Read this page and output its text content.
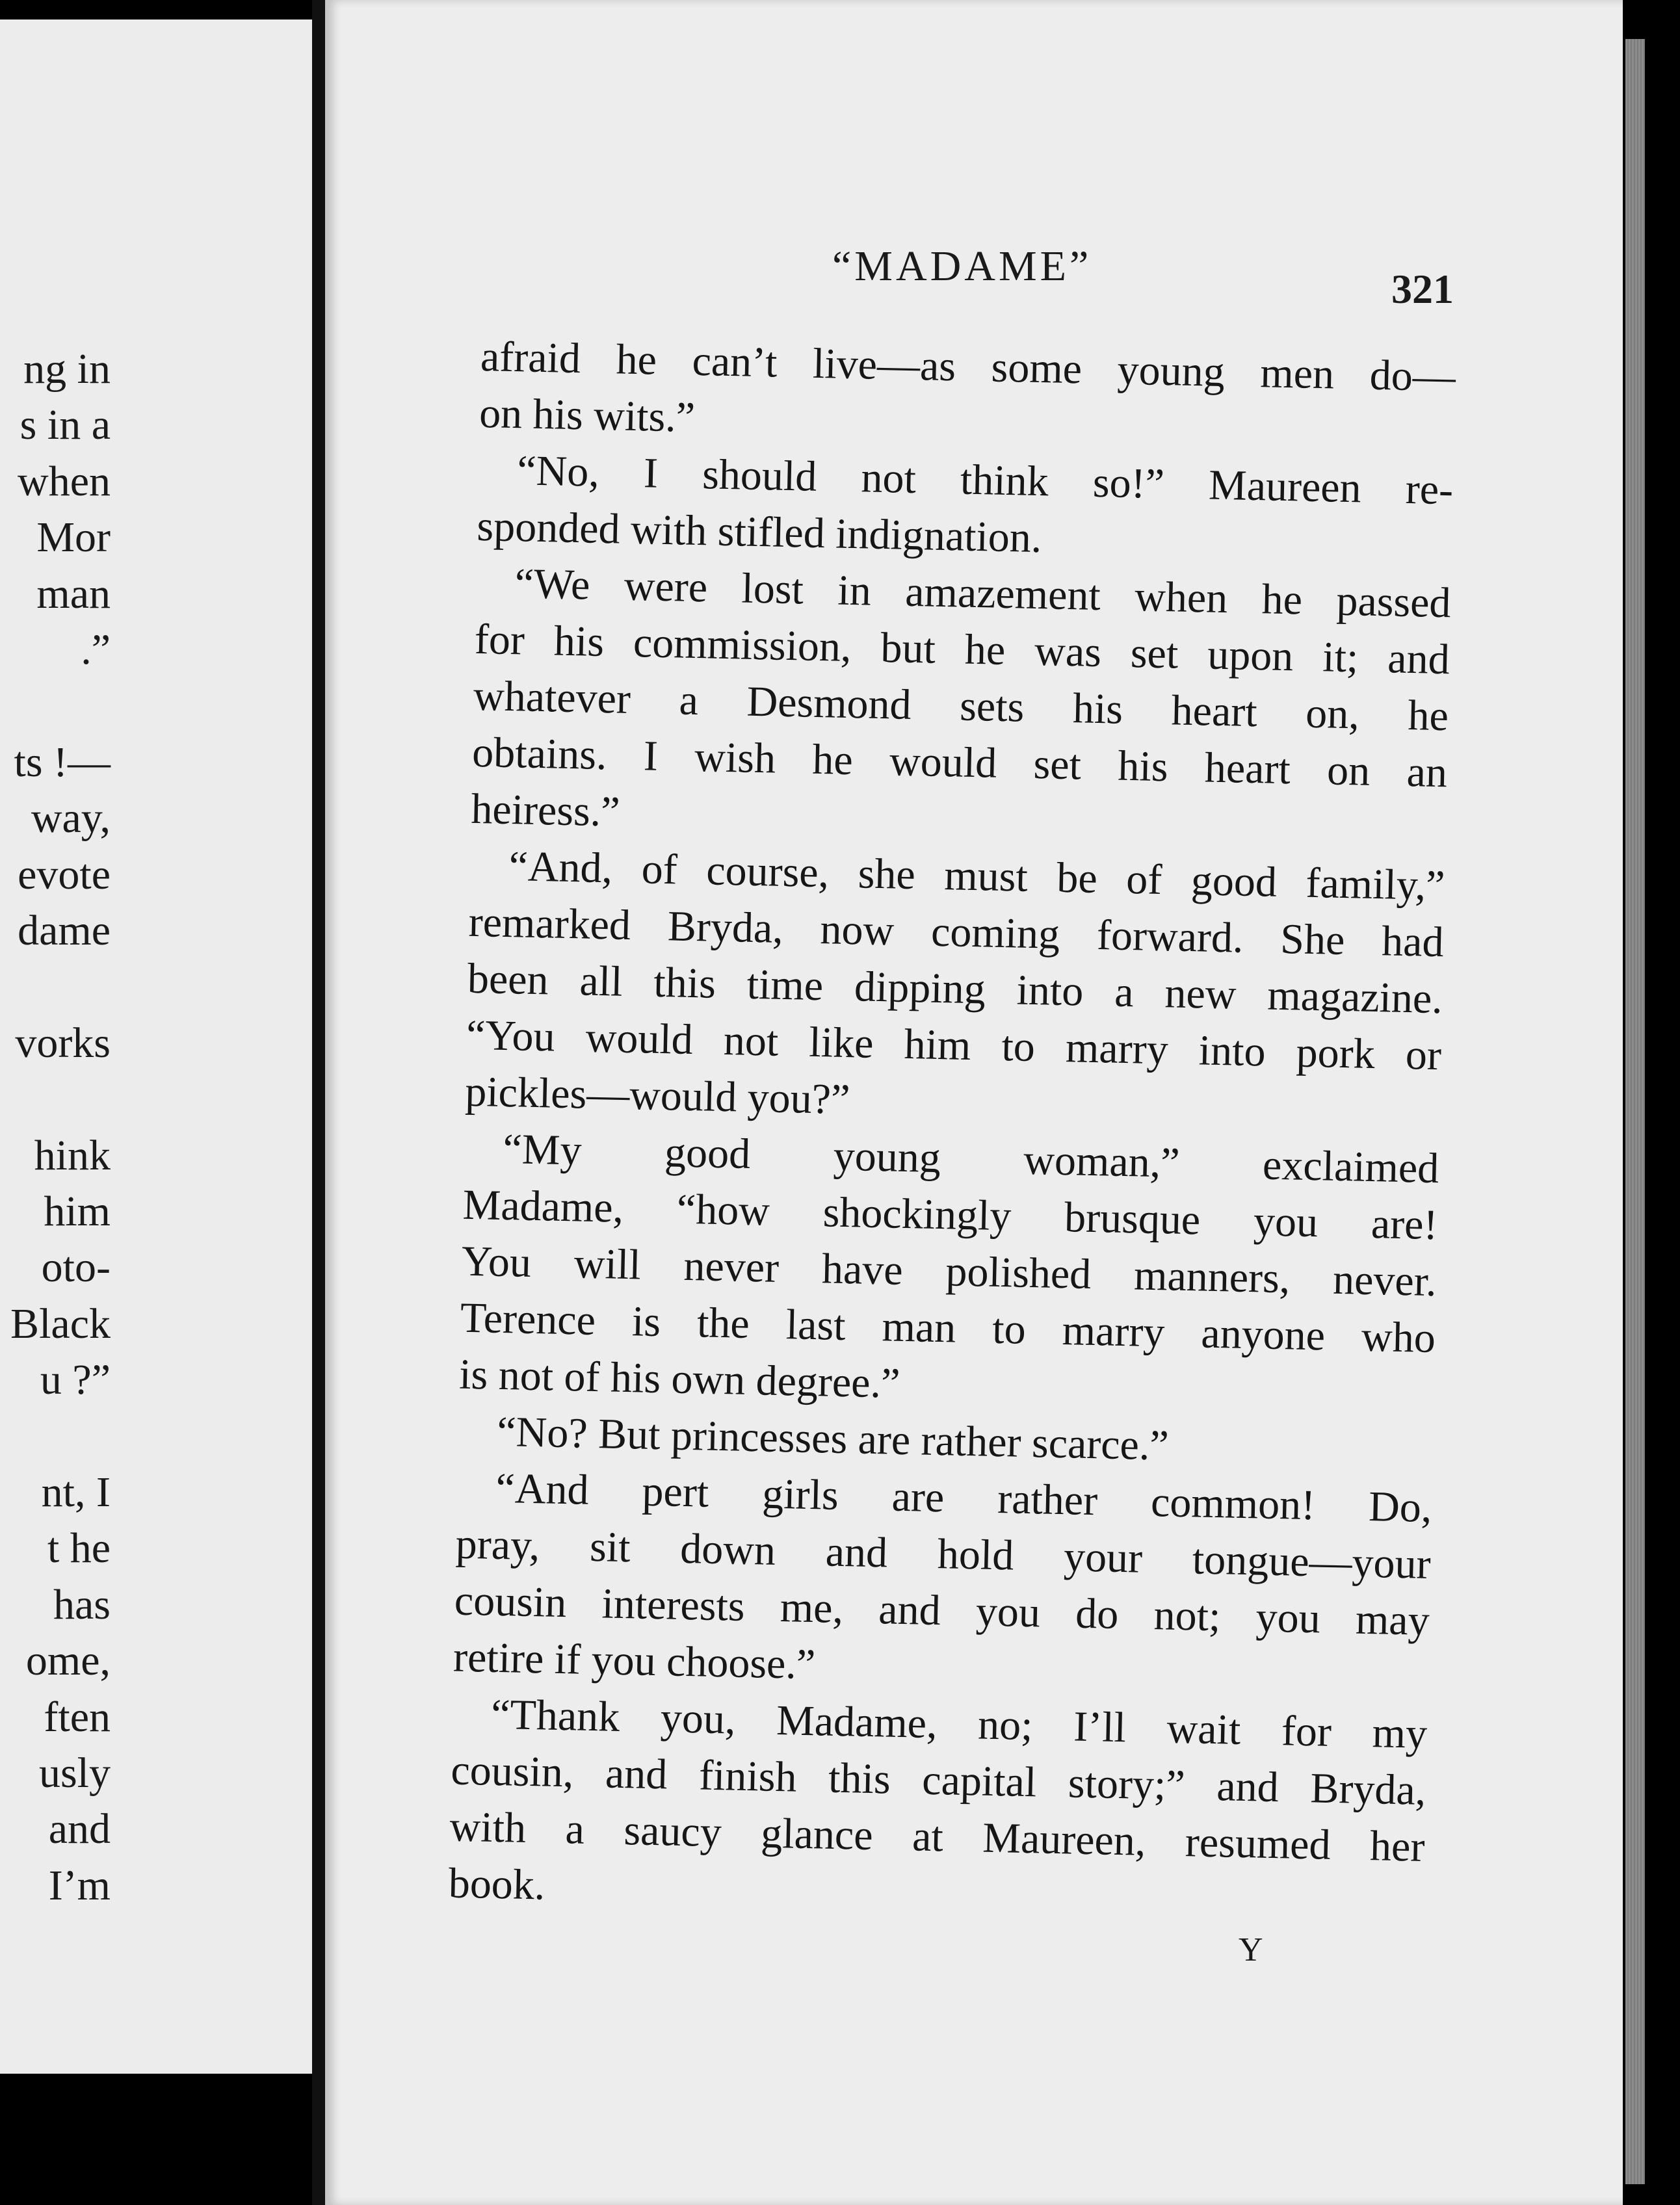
ng in
s in a
when
Mor
man
.”
ts !—
way,
evote
dame
vorks
hink
him
oto-
Black
u ?”
nt, I
t he
has
ome,
ften
usly
and
I’m
“MADAME”	321
afraid he can’t live—as some young men do—
on his wits.”
“No, I should not think so!” Maureen re-
sponded with stifled indignation.
“We were lost in amazement when he passed
for his commission, but he was set upon it; and
whatever a Desmond sets his heart on, he
obtains. I wish he would set his heart on an
heiress.”
“And, of course, she must be of good family,”
remarked Bryda, now coming forward. She had
been all this time dipping into a new magazine.
“You would not like him to marry into pork or
pickles—would you?”
“My good young woman,” exclaimed
Madame, “how shockingly brusque you are!
You will never have polished manners, never.
Terence is the last man to marry anyone who
is not of his own degree.”
“No? But princesses are rather scarce.”
“And pert girls are rather common! Do,
pray, sit down and hold your tongue—your
cousin interests me, and you do not; you may
retire if you choose.”
“Thank you, Madame, no; I’ll wait for my
cousin, and finish this capital story;” and Bryda,
with a saucy glance at Maureen, resumed her
book.
Y
